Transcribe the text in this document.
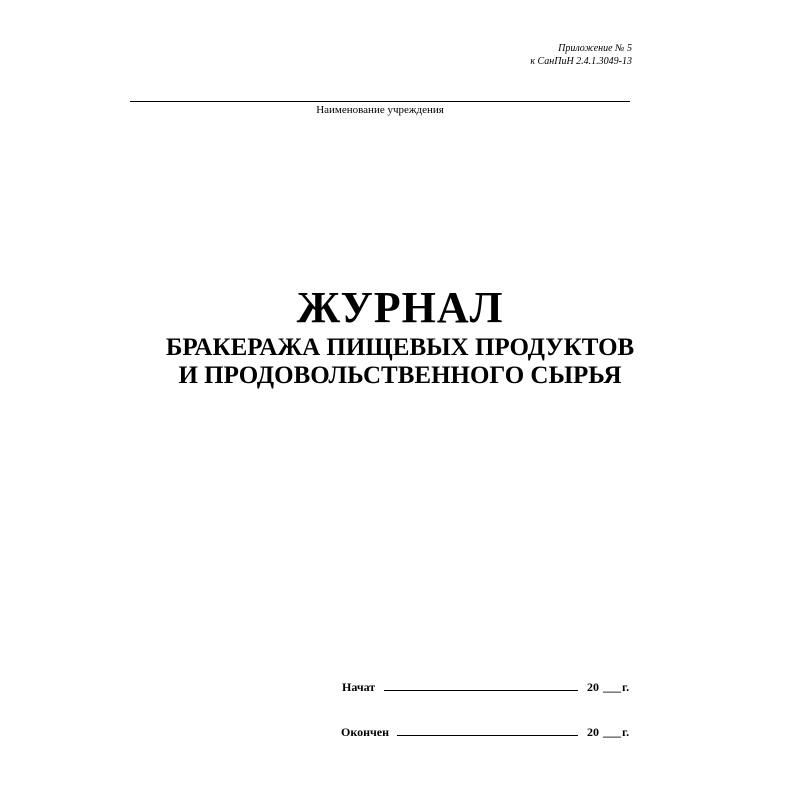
Приложение № 5
к СанПиН 2.4.1.3049-13
Наименование учреждения
ЖУРНАЛ
БРАКЕРАЖА ПИЩЕВЫХ ПРОДУКТОВ
И ПРОДОВОЛЬСТВЕННОГО СЫРЬЯ
Начат	20 ___ г.
Окончен	20 ___ г.
